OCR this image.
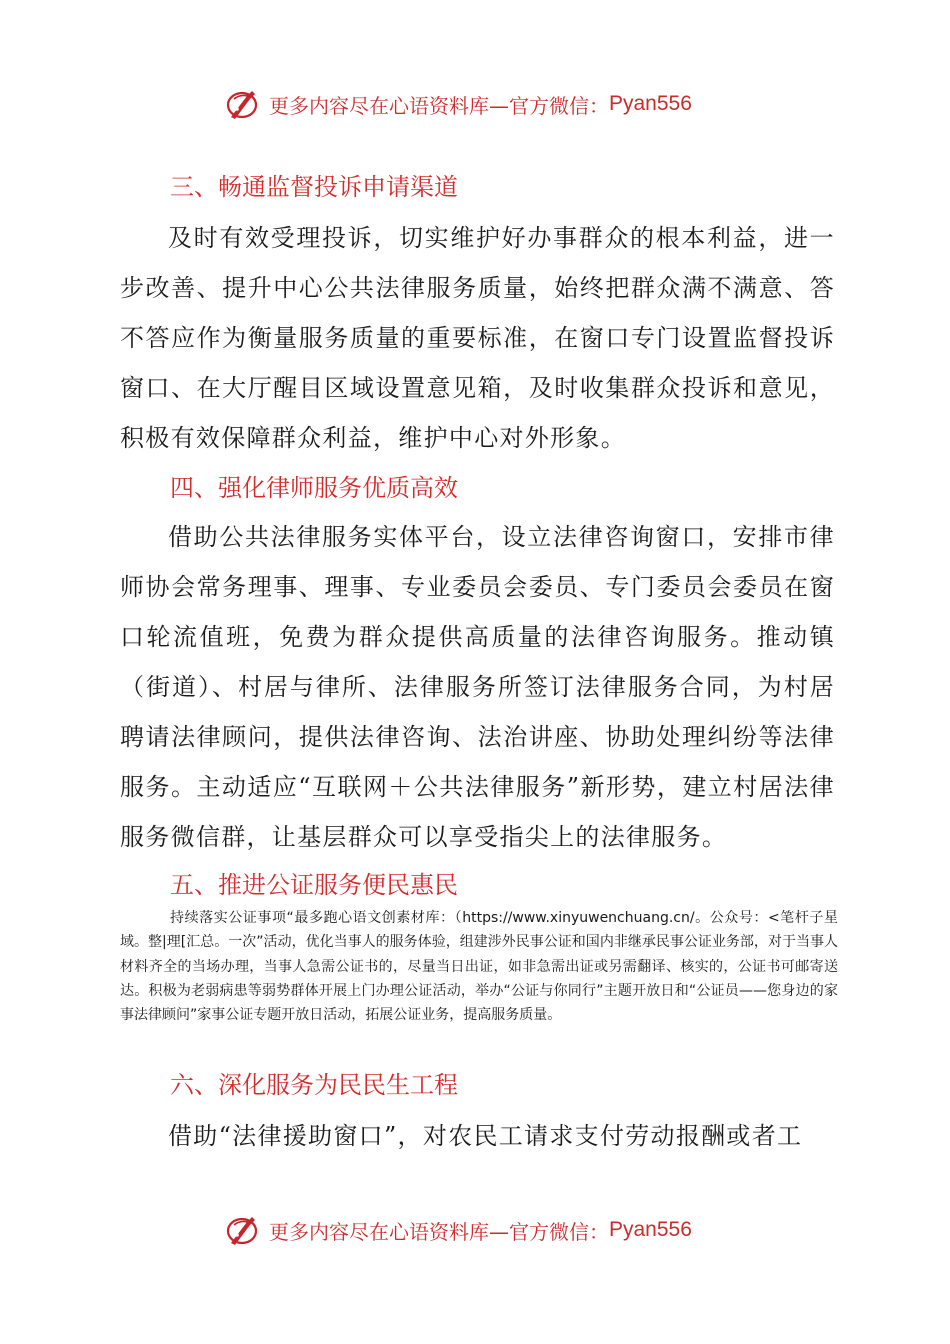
更多内容尽在心语资料库— 官方微信： Pyan556
三、畅通监督投诉申请渠道
及时有效受理投诉，切实维护好办事群众的根本利益，进一步改善、提升中心公共法律服务质量，始终把群众满不满意、答不答应作为衡量服务质量的重要标准，在窗口专门设置监督投诉窗口、在大厅醒目区域设置意见箱，及时收集群众投诉和意见，积极有效保障群众利益，维护中心对外形象。
四、强化律师服务优质高效
借助公共法律服务实体平台，设立法律咨询窗口，安排市律师协会常务理事、理事、专业委员会委员、专门委员会委员在窗口轮流值班，免费为群众提供高质量的法律咨询服务。推动镇（街道）、村居与律所、法律服务所签订法律服务合同，为村居聘请法律顾问，提供法律咨询、法治讲座、协助处理纠纷等法律服务。主动适应“互联网＋公共法律服务”新形势，建立村居法律服务微信群，让基层群众可以享受指尖上的法律服务。
五、推进公证服务便民惠民
持续落实公证事项“最多跑心语文创素材库：（https://www.xinyuwenchuang.cn/。公众号：<笔杆子星域。整|理[汇总。一次”活动，优化当事人的服务体验，组建涉外民事公证和国内非继承民事公证业务部，对于当事人材料齐全的当场办理，当事人急需公证书的，尽量当日出证，如非急需出证或另需翻译、核实的，公证书可邮寄送达。积极为老弱病患等弱势群体开展上门办理公证活动，举办“公证与你同行”主题开放日和“公证员——您身边的家事法律顾问”家事公证专题开放日活动，拓展公证业务，提高服务质量。
六、深化服务为民民生工程
借助“法律援助窗口”，对农民工请求支付劳动报酬或者工
更多内容尽在心语资料库— 官方微信： Pyan556
